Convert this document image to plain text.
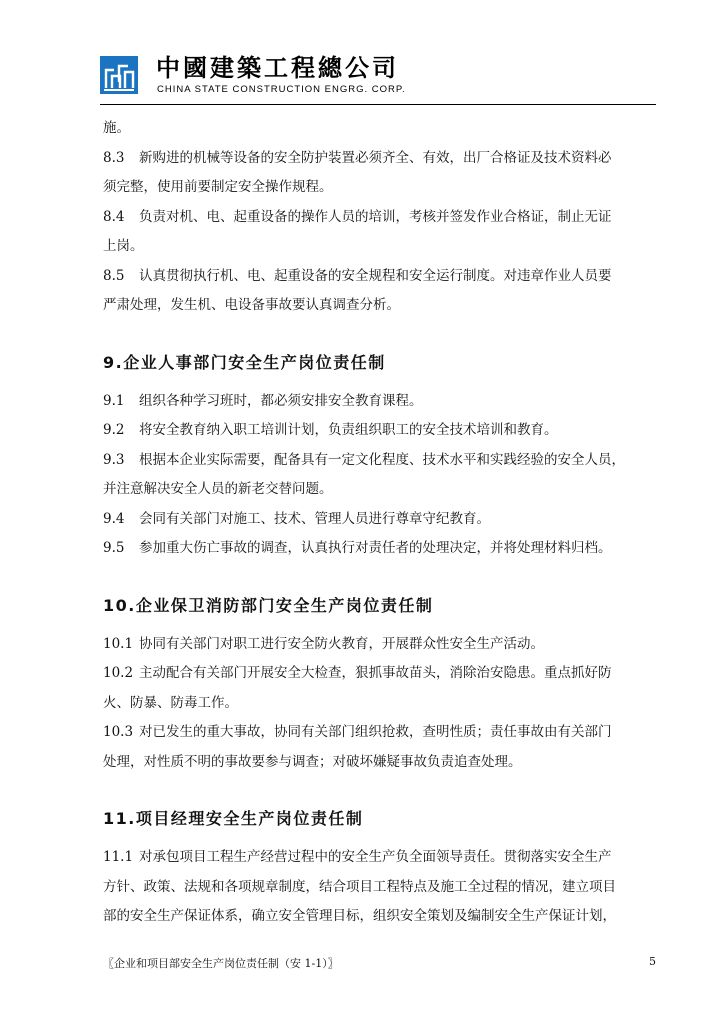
中國建築工程總公司
CHINA STATE CONSTRUCTION ENGRG. CORP.
施。
8.3 新购进的机械等设备的安全防护装置必须齐全、有效，出厂合格证及技术资料必
须完整，使用前要制定安全操作规程。
8.4 负责对机、电、起重设备的操作人员的培训，考核并签发作业合格证，制止无证
上岗。
8.5 认真贯彻执行机、电、起重设备的安全规程和安全运行制度。对违章作业人员要
严肃处理，发生机、电设备事故要认真调查分析。
9.企业人事部门安全生产岗位责任制
9.1 组织各种学习班时，都必须安排安全教育课程。
9.2 将安全教育纳入职工培训计划，负责组织职工的安全技术培训和教育。
9.3 根据本企业实际需要，配备具有一定文化程度、技术水平和实践经验的安全人员，
并注意解决安全人员的新老交替问题。
9.4 会同有关部门对施工、技术、管理人员进行尊章守纪教育。
9.5 参加重大伤亡事故的调查，认真执行对责任者的处理决定，并将处理材料归档。
10.企业保卫消防部门安全生产岗位责任制
10.1 协同有关部门对职工进行安全防火教育，开展群众性安全生产活动。
10.2 主动配合有关部门开展安全大检查，狠抓事故苗头，消除治安隐患。重点抓好防
火、防暴、防毒工作。
10.3 对已发生的重大事故，协同有关部门组织抢救，查明性质；责任事故由有关部门
处理，对性质不明的事故要参与调查；对破坏嫌疑事故负责追查处理。
11.项目经理安全生产岗位责任制
11.1 对承包项目工程生产经营过程中的安全生产负全面领导责任。贯彻落实安全生产
方针、政策、法规和各项规章制度，结合项目工程特点及施工全过程的情况，建立项目
部的安全生产保证体系，确立安全管理目标，组织安全策划及编制安全生产保证计划，
〖企业和项目部安全生产岗位责任制（安 1-1）〗	5
